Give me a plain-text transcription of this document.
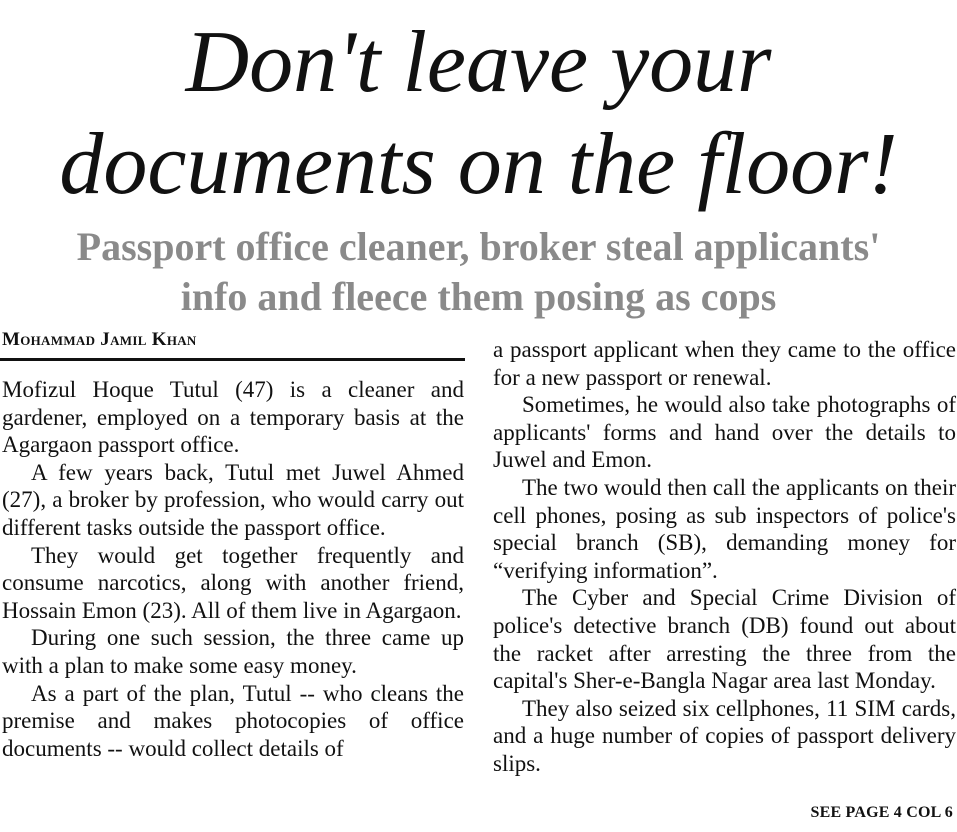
Don't leave your
documents on the floor!
Passport office cleaner, broker steal applicants'
info and fleece them posing as cops
Mohammad Jamil Khan

Mofizul Hoque Tutul (47) is a cleaner and gardener, employed on a temporary basis at the Agargaon passport office.

A few years back, Tutul met Juwel Ahmed (27), a broker by profession, who would carry out different tasks outside the passport office.

They would get together frequently and consume narcotics, along with another friend, Hossain Emon (23). All of them live in Agargaon.

During one such session, the three came up with a plan to make some easy money.

As a part of the plan, Tutul -- who cleans the premise and makes photocopies of office documents -- would collect details of

a passport applicant when they came to the office for a new passport or renewal.

Sometimes, he would also take photographs of applicants' forms and hand over the details to Juwel and Emon.

The two would then call the applicants on their cell phones, posing as sub inspectors of police's special branch (SB), demanding money for “verifying information”.

The Cyber and Special Crime Division of police's detective branch (DB) found out about the racket after arresting the three from the capital's Sher-e-Bangla Nagar area last Monday.

They also seized six cellphones, 11 SIM cards, and a huge number of copies of passport delivery slips.

SEE PAGE 4 COL 6
